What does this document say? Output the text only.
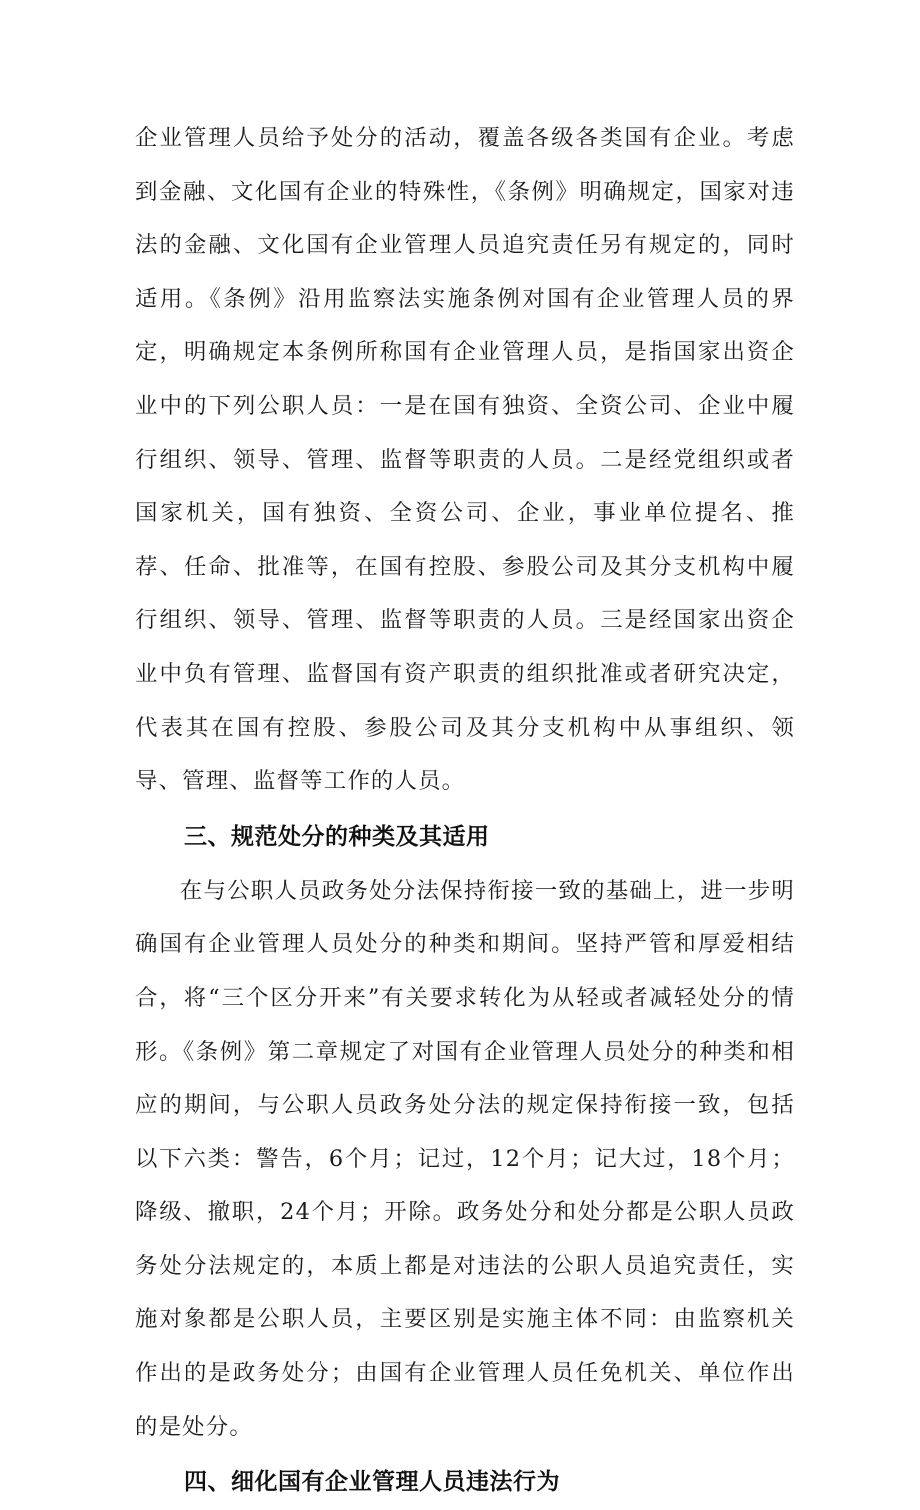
企业管理人员给予处分的活动，覆盖各级各类国有企业。考虑到金融、文化国有企业的特殊性，《条例》明确规定，国家对违法的金融、文化国有企业管理人员追究责任另有规定的，同时适用。《条例》沿用监察法实施条例对国有企业管理人员的界定，明确规定本条例所称国有企业管理人员，是指国家出资企业中的下列公职人员：一是在国有独资、全资公司、企业中履行组织、领导、管理、监督等职责的人员。二是经党组织或者国家机关，国有独资、全资公司、企业，事业单位提名、推荐、任命、批准等，在国有控股、参股公司及其分支机构中履行组织、领导、管理、监督等职责的人员。三是经国家出资企业中负有管理、监督国有资产职责的组织批准或者研究决定，代表其在国有控股、参股公司及其分支机构中从事组织、领导、管理、监督等工作的人员。

三、规范处分的种类及其适用

在与公职人员政务处分法保持衔接一致的基础上，进一步明确国有企业管理人员处分的种类和期间。坚持严管和厚爱相结合，将“三个区分开来”有关要求转化为从轻或者减轻处分的情形。《条例》第二章规定了对国有企业管理人员处分的种类和相应的期间，与公职人员政务处分法的规定保持衔接一致，包括以下六类：警告，6个月；记过，12个月；记大过，18个月；降级、撤职，24个月；开除。政务处分和处分都是公职人员政务处分法规定的，本质上都是对违法的公职人员追究责任，实施对象都是公职人员，主要区别是实施主体不同：由监察机关作出的是政务处分；由国有企业管理人员任免机关、单位作出的是处分。

四、细化国有企业管理人员违法行为
